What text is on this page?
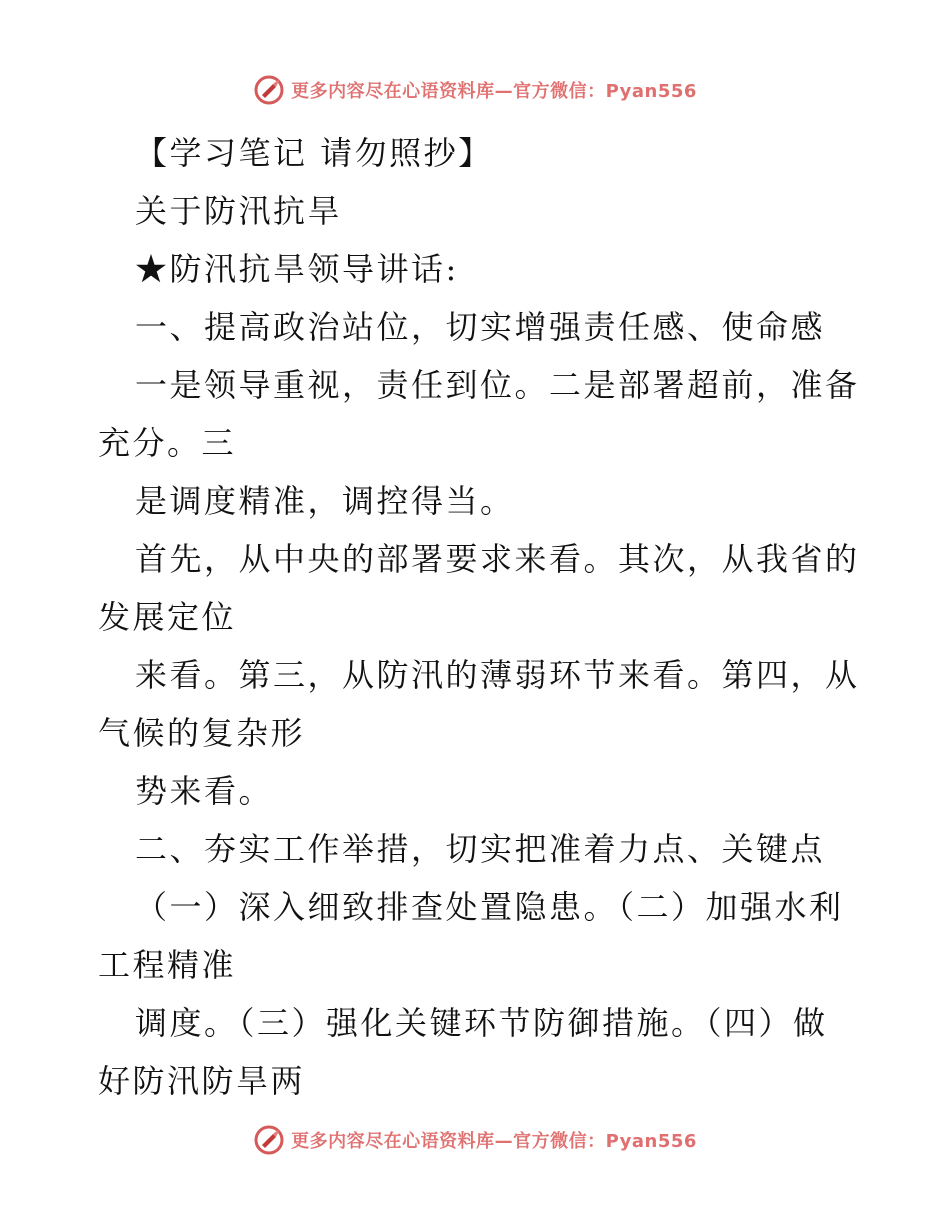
更多内容尽在心语资料库—官方微信：Pyan556
【学习笔记 请勿照抄】
关于防汛抗旱
★防汛抗旱领导讲话:
一、提高政治站位，切实增强责任感、使命感
一是领导重视，责任到位。二是部署超前，准备
充分。三
是调度精准，调控得当。
首先，从中央的部署要求来看。其次，从我省的
发展定位
来看。第三，从防汛的薄弱环节来看。第四，从
气候的复杂形
势来看。
二、夯实工作举措，切实把准着力点、关键点
（一）深入细致排查处置隐患。（二）加强水利
工程精准
调度。（三）强化关键环节防御措施。（四）做
好防汛防旱两
更多内容尽在心语资料库—官方微信：Pyan556
